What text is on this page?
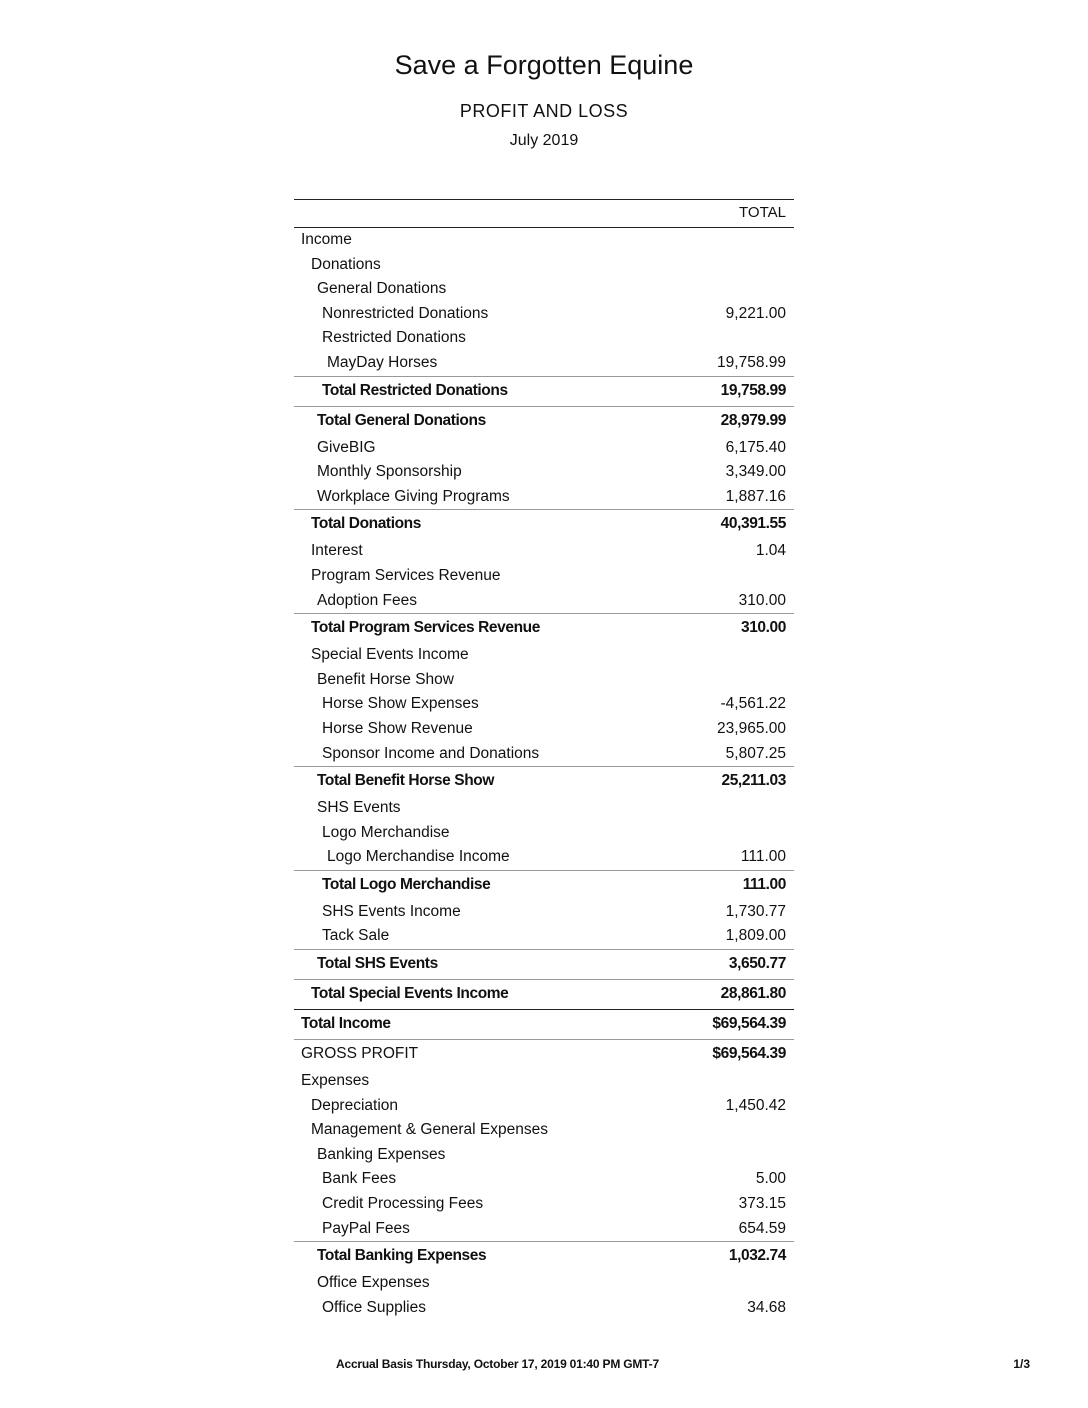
Save a Forgotten Equine
PROFIT AND LOSS
July 2019
TOTAL
Income
Donations
General Donations
Nonrestricted Donations	9,221.00
Restricted Donations
MayDay Horses	19,758.99
Total Restricted Donations	19,758.99
Total General Donations	28,979.99
GiveBIG	6,175.40
Monthly Sponsorship	3,349.00
Workplace Giving Programs	1,887.16
Total Donations	40,391.55
Interest	1.04
Program Services Revenue
Adoption Fees	310.00
Total Program Services Revenue	310.00
Special Events Income
Benefit Horse Show
Horse Show Expenses	-4,561.22
Horse Show Revenue	23,965.00
Sponsor Income and Donations	5,807.25
Total Benefit Horse Show	25,211.03
SHS Events
Logo Merchandise
Logo Merchandise Income	111.00
Total Logo Merchandise	111.00
SHS Events Income	1,730.77
Tack Sale	1,809.00
Total SHS Events	3,650.77
Total Special Events Income	28,861.80
Total Income	$69,564.39
GROSS PROFIT	$69,564.39
Expenses
Depreciation	1,450.42
Management & General Expenses
Banking Expenses
Bank Fees	5.00
Credit Processing Fees	373.15
PayPal Fees	654.59
Total Banking Expenses	1,032.74
Office Expenses
Office Supplies	34.68
Accrual Basis Thursday, October 17, 2019 01:40 PM GMT-7	1/3
